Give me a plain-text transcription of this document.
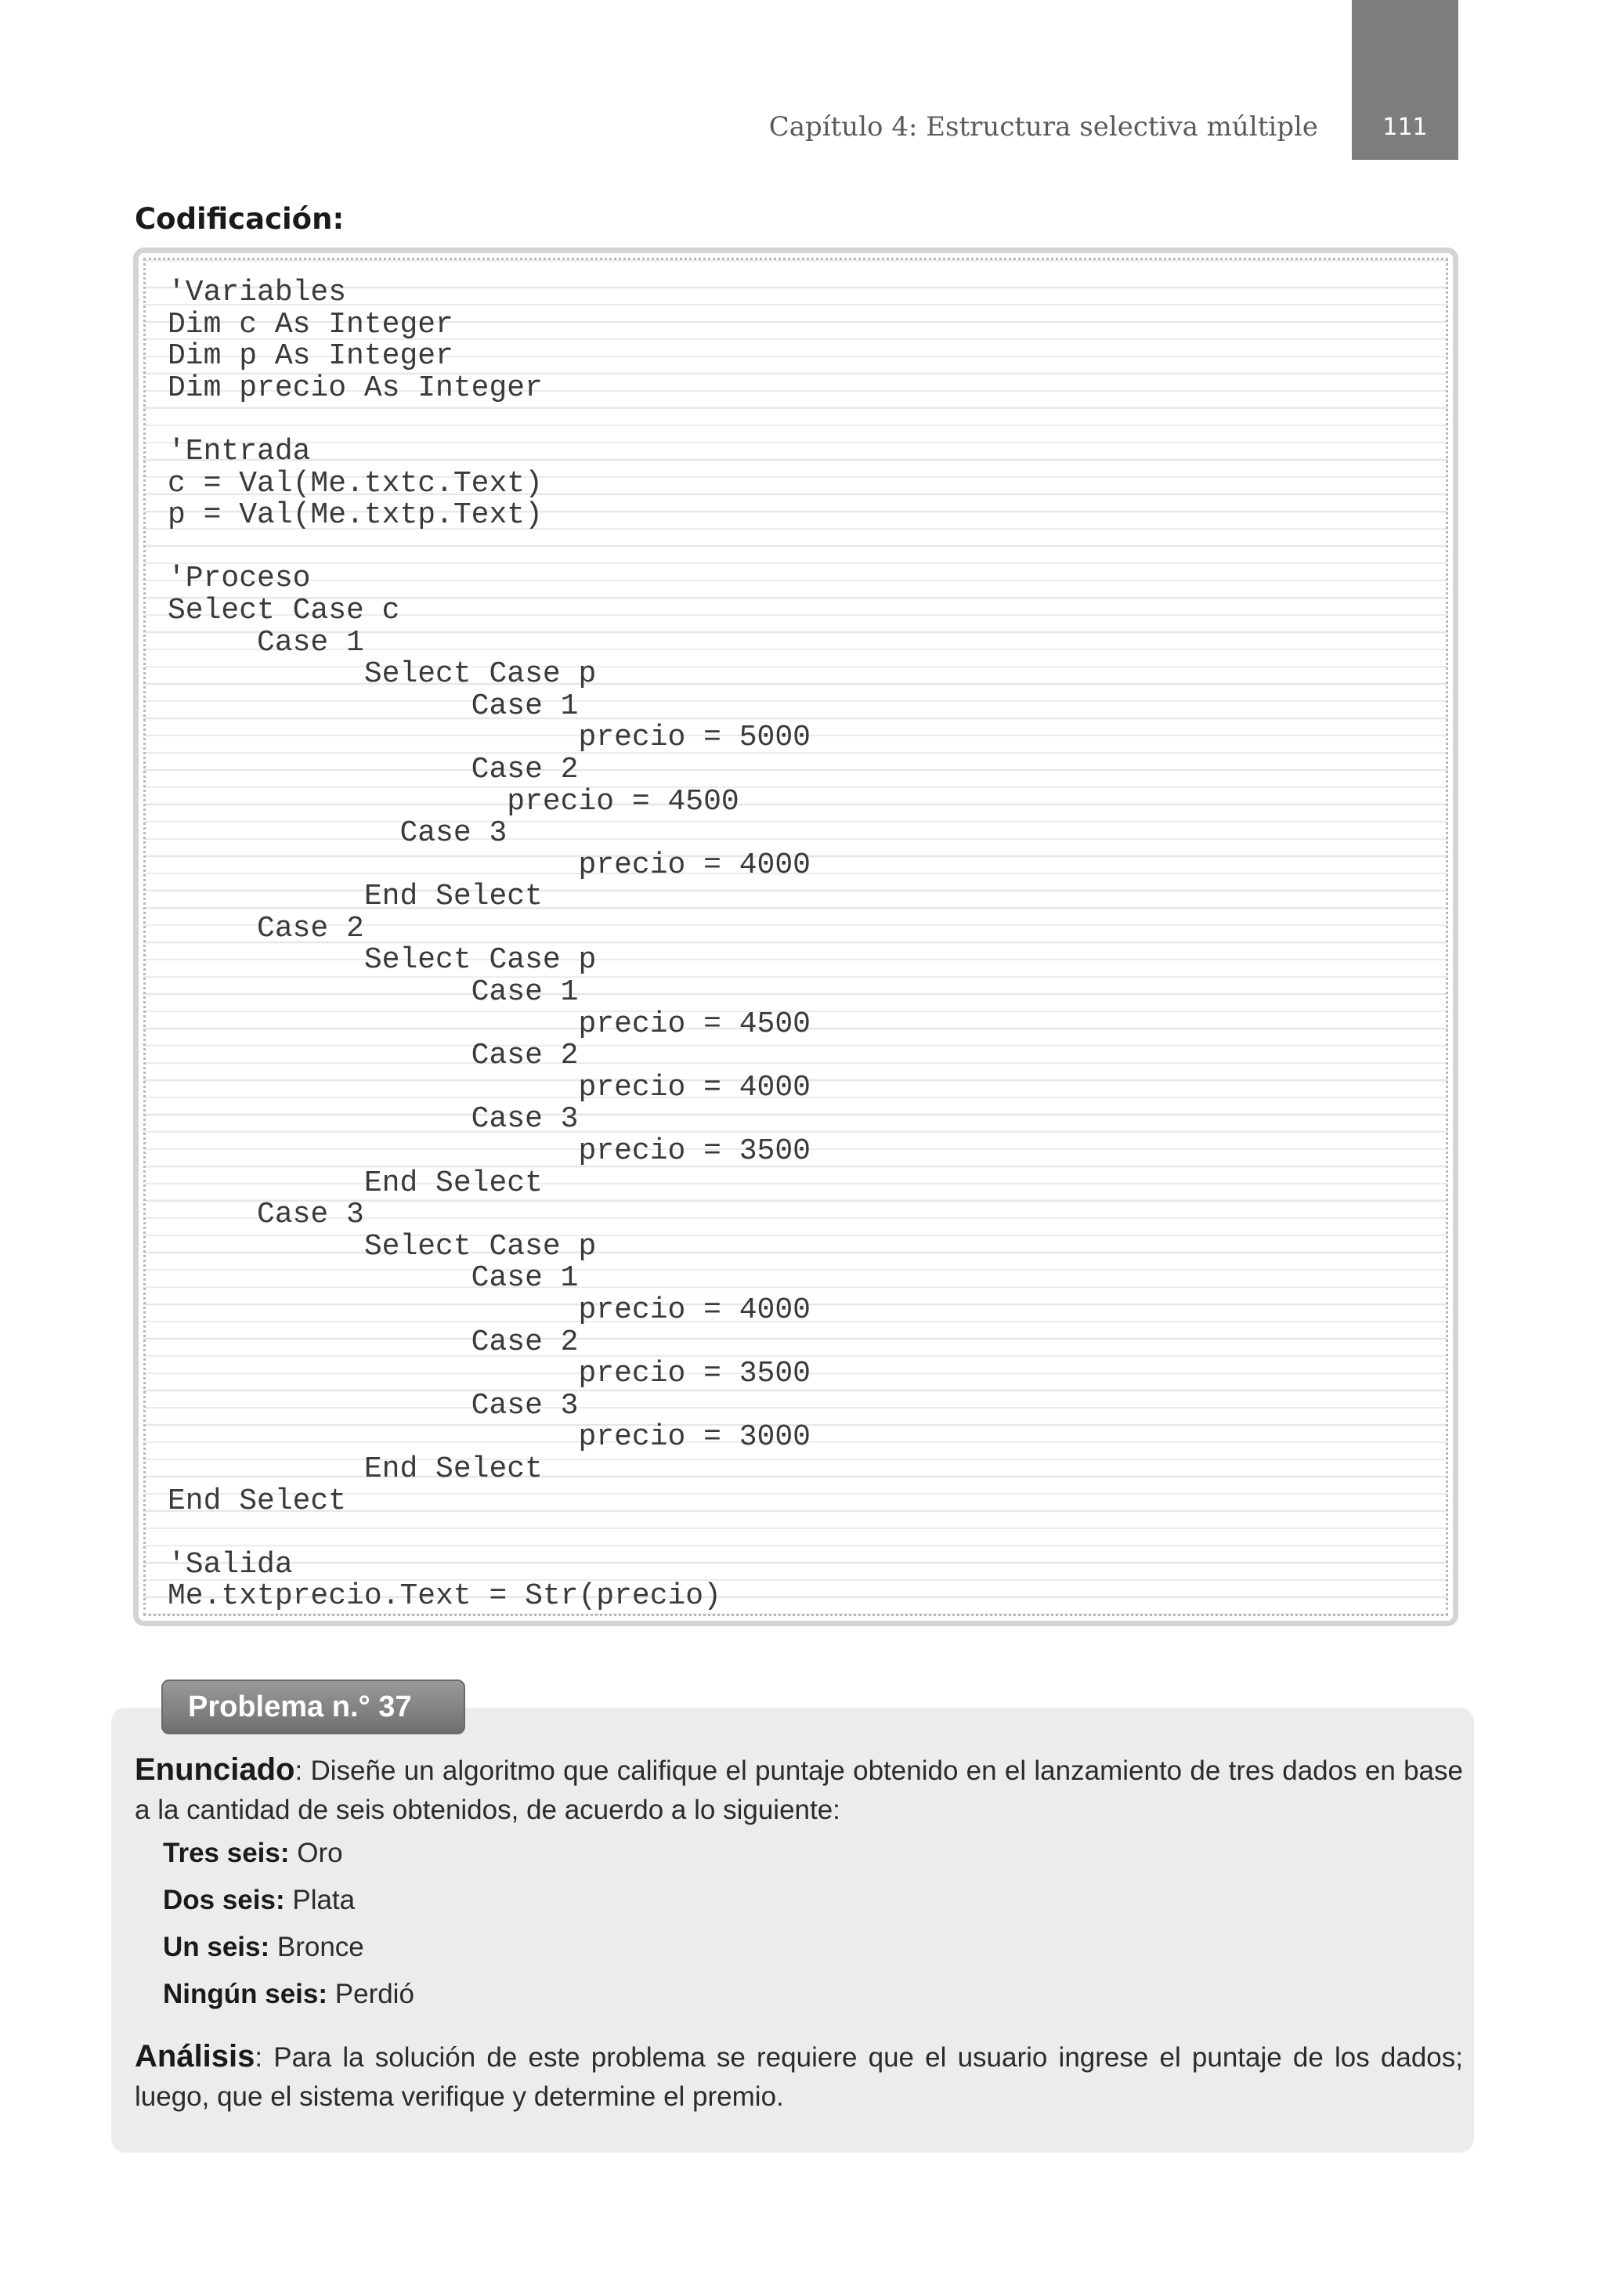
Capítulo 4: Estructura selectiva múltiple	111
Codificación:
'Variables
Dim c As Integer
Dim p As Integer
Dim precio As Integer

'Entrada
c = Val(Me.txtc.Text)
p = Val(Me.txtp.Text)

'Proceso
Select Case c
Case 1
Select Case p
Case 1
precio = 5000
Case 2
precio = 4500
Case 3
precio = 4000
End Select
Case 2
Select Case p
Case 1
precio = 4500
Case 2
precio = 4000
Case 3
precio = 3500
End Select
Case 3
Select Case p
Case 1
precio = 4000
Case 2
precio = 3500
Case 3
precio = 3000
End Select
End Select

'Salida
Me.txtprecio.Text = Str(precio)
Problema n.° 37

Enunciado: Diseñe un algoritmo que califique el puntaje obtenido en el lanzamiento de tres dados en base a la cantidad de seis obtenidos, de acuerdo a lo siguiente:

Tres seis: Oro
Dos seis: Plata
Un seis: Bronce
Ningún seis: Perdió

Análisis: Para la solución de este problema se requiere que el usuario ingrese el puntaje de los dados; luego, que el sistema verifique y determine el premio.
